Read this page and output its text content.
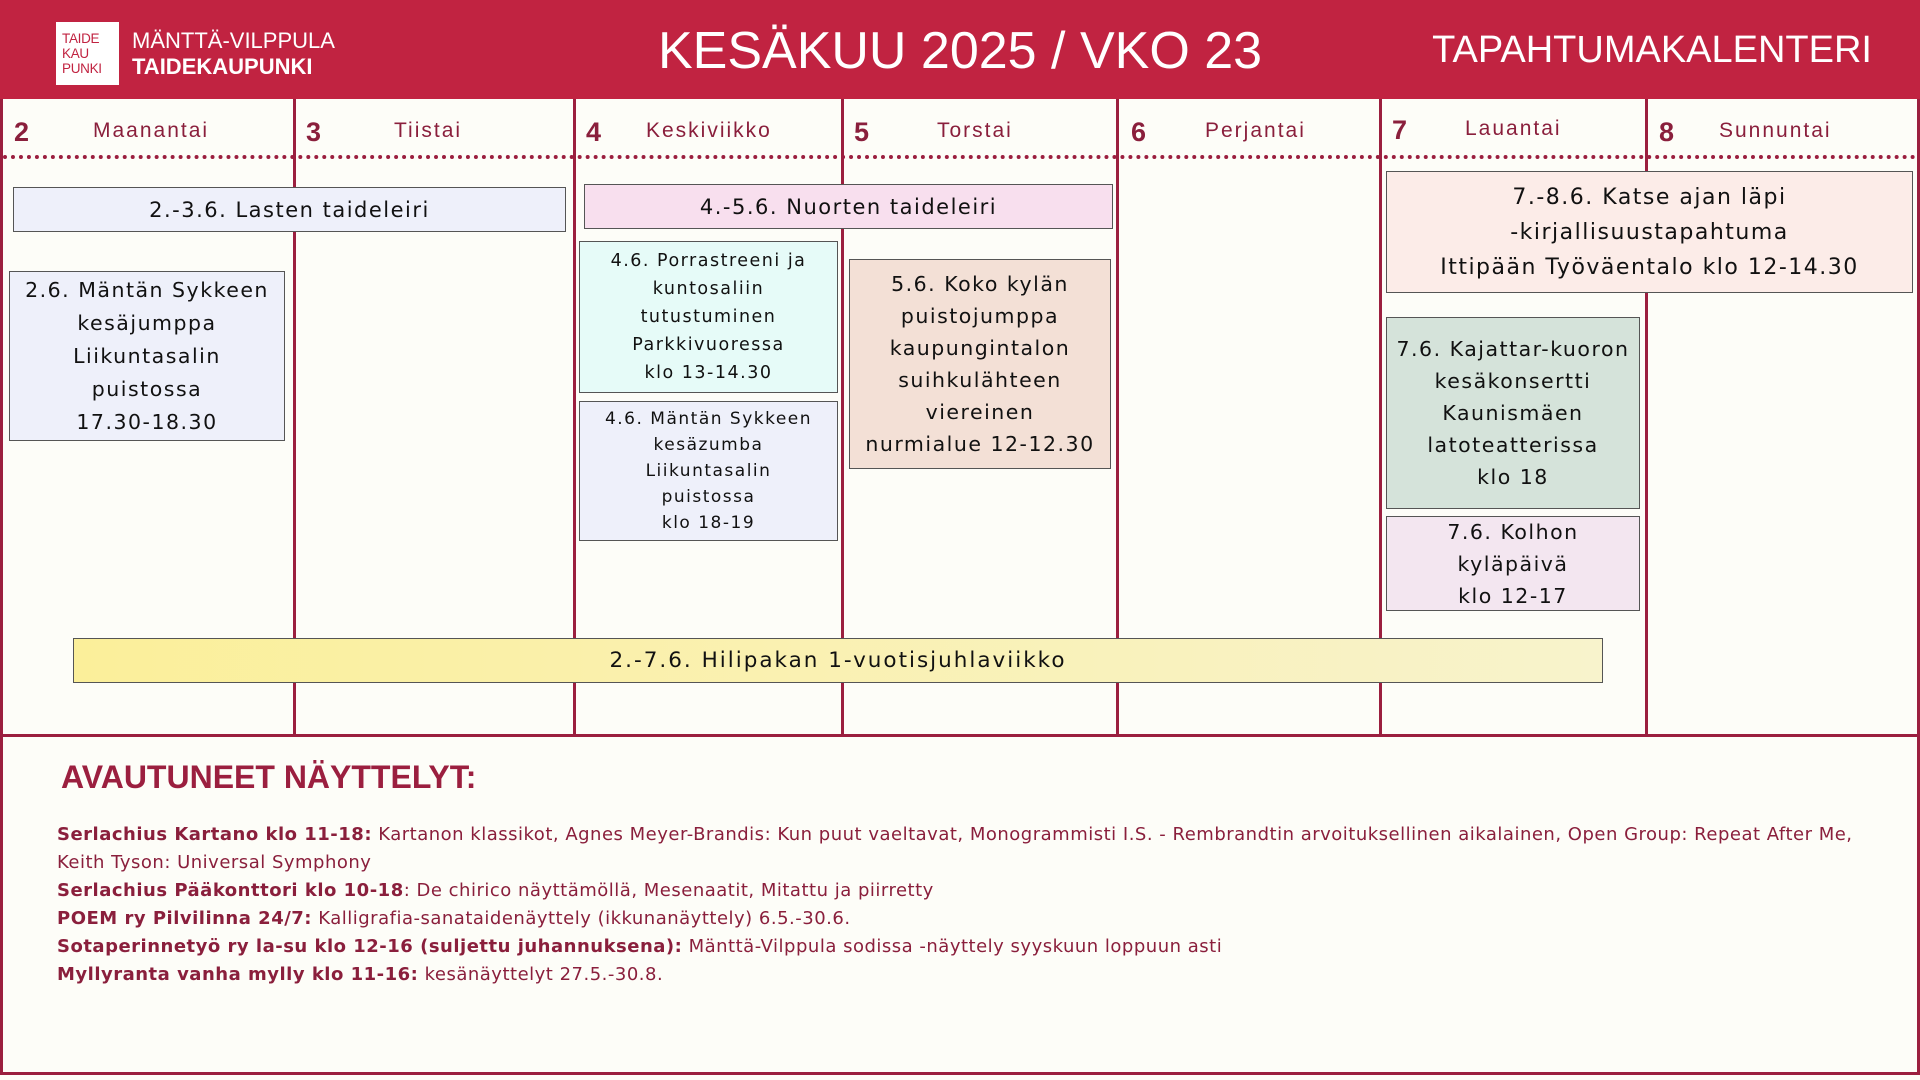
TAIDE
KAU
PUNKI
MÄNTTÄ-VILPPULA
TAIDEKAUPUNKI	KESÄKUU 2025 / VKO 23	TAPAHTUMAKALENTERI
2	Maanantai	3	Tiistai	4 Keskiviikko	5	Torstai	6	Perjantai	7	Lauantai	8 Sunnuntai
2.-3.6. Lasten taideleiri	4.-5.6. Nuorten taideleiri	7.-8.6. Katse ajan läpi
-kirjallisuustapahtuma
Ittipään Työväentalo klo 12-14.30
2.6. Mäntän Sykkeen
kesäjumppa
Liikuntasalin
puistossa
17.30-18.30
4.6. Porrastreeni ja
kuntosaliin
tutustuminen
Parkkivuoressa
klo 13-14.30
4.6. Mäntän Sykkeen
kesäzumba
Liikuntasalin
puistossa
klo 18-19
5.6. Koko kylän
puistojumppa
kaupungintalon
suihkulähteen
viereinen
nurmialue 12-12.30
7.6. Kajattar-kuoron
kesäkonsertti
Kaunismäen
latoteatterissa
klo 18
7.6. Kolhon
kyläpäivä
klo 12-17
2.-7.6. Hilipakan 1-vuotisjuhlaviikko
AVAUTUNEET NÄYTTELYT:
Serlachius Kartano klo 11-18: Kartanon klassikot, Agnes Meyer-Brandis: Kun puut vaeltavat, Monogrammisti I.S. - Rembrandtin arvoituksellinen aikalainen, Open Group: Repeat After Me, Keith Tyson: Universal Symphony
Serlachius Pääkonttori klo 10-18: De chirico näyttämöllä, Mesenaatit, Mitattu ja piirretty
POEM ry Pilvilinna 24/7: Kalligrafia-sanataidenäyttely (ikkunanäyttely) 6.5.-30.6.
Sotaperinnetyö ry la-su klo 12-16 (suljettu juhannuksena): Mänttä-Vilppula sodissa -näyttely syyskuun loppuun asti
Myllyranta vanha mylly klo 11-16: kesänäyttelyt 27.5.-30.8.
